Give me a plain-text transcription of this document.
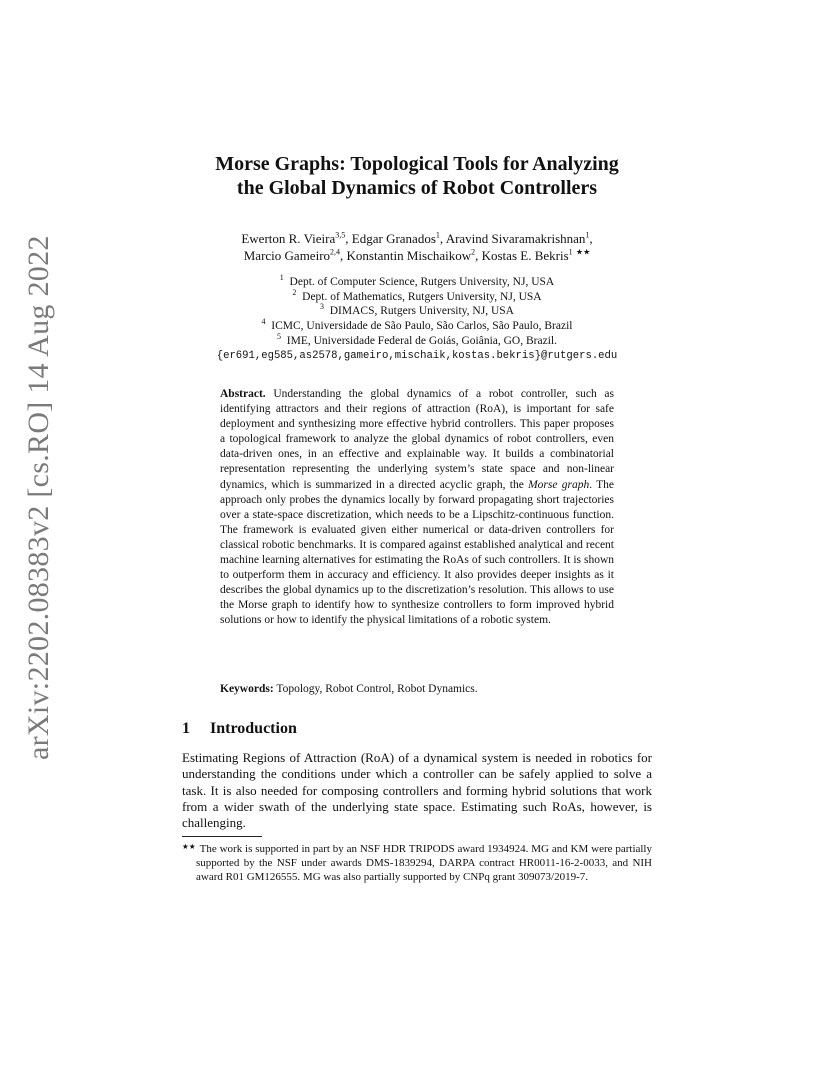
arXiv:2202.08383v2 [cs.RO] 14 Aug 2022
Morse Graphs: Topological Tools for Analyzing
the Global Dynamics of Robot Controllers
Ewerton R. Vieira$^{3,5}$, Edgar Granados$^1$, Aravind Sivaramakrishnan$^1$,
Marcio Gameiro$^{2,4}$, Konstantin Mischaikow$^2$, Kostas E. Bekris$^1$ ★★
$^1$ Dept. of Computer Science, Rutgers University, NJ, USA
$^2$ Dept. of Mathematics, Rutgers University, NJ, USA
$^3$ DIMACS, Rutgers University, NJ, USA
$^4$ ICMC, Universidade de São Paulo, São Carlos, São Paulo, Brazil
$^5$ IME, Universidade Federal de Goiás, Goiânia, GO, Brazil.
{er691,eg585,as2578,gameiro,mischaik,kostas.bekris}@rutgers.edu
Abstract. Understanding the global dynamics of a robot controller, such as identifying attractors and their regions of attraction (RoA), is important for safe deployment and synthesizing more effective hybrid controllers. This paper proposes a topological framework to analyze the global dynamics of robot controllers, even data-driven ones, in an effective and explainable way. It builds a combinatorial representation representing the underlying system’s state space and non-linear dynamics, which is summarized in a directed acyclic graph, the Morse graph. The approach only probes the dynamics locally by forward propagating short trajectories over a state-space discretization, which needs to be a Lipschitz-continuous function. The framework is evaluated given either numerical or data-driven controllers for classical robotic benchmarks. It is compared against established analytical and recent machine learning alternatives for estimating the RoAs of such controllers. It is shown to outperform them in accuracy and efficiency. It also provides deeper insights as it describes the global dynamics up to the discretization’s resolution. This allows to use the Morse graph to identify how to synthesize controllers to form improved hybrid solutions or how to identify the physical limitations of a robotic system.
Keywords: Topology, Robot Control, Robot Dynamics.
1 Introduction
Estimating Regions of Attraction (RoA) of a dynamical system is needed in robotics for understanding the conditions under which a controller can be safely applied to solve a task. It is also needed for composing controllers and forming hybrid solutions that work from a wider swath of the underlying state space. Estimating such RoAs, however, is challenging.
★★ The work is supported in part by an NSF HDR TRIPODS award 1934924. MG and KM were partially supported by the NSF under awards DMS-1839294, DARPA contract HR0011-16-2-0033, and NIH award R01 GM126555. MG was also partially supported by CNPq grant 309073/2019-7.
